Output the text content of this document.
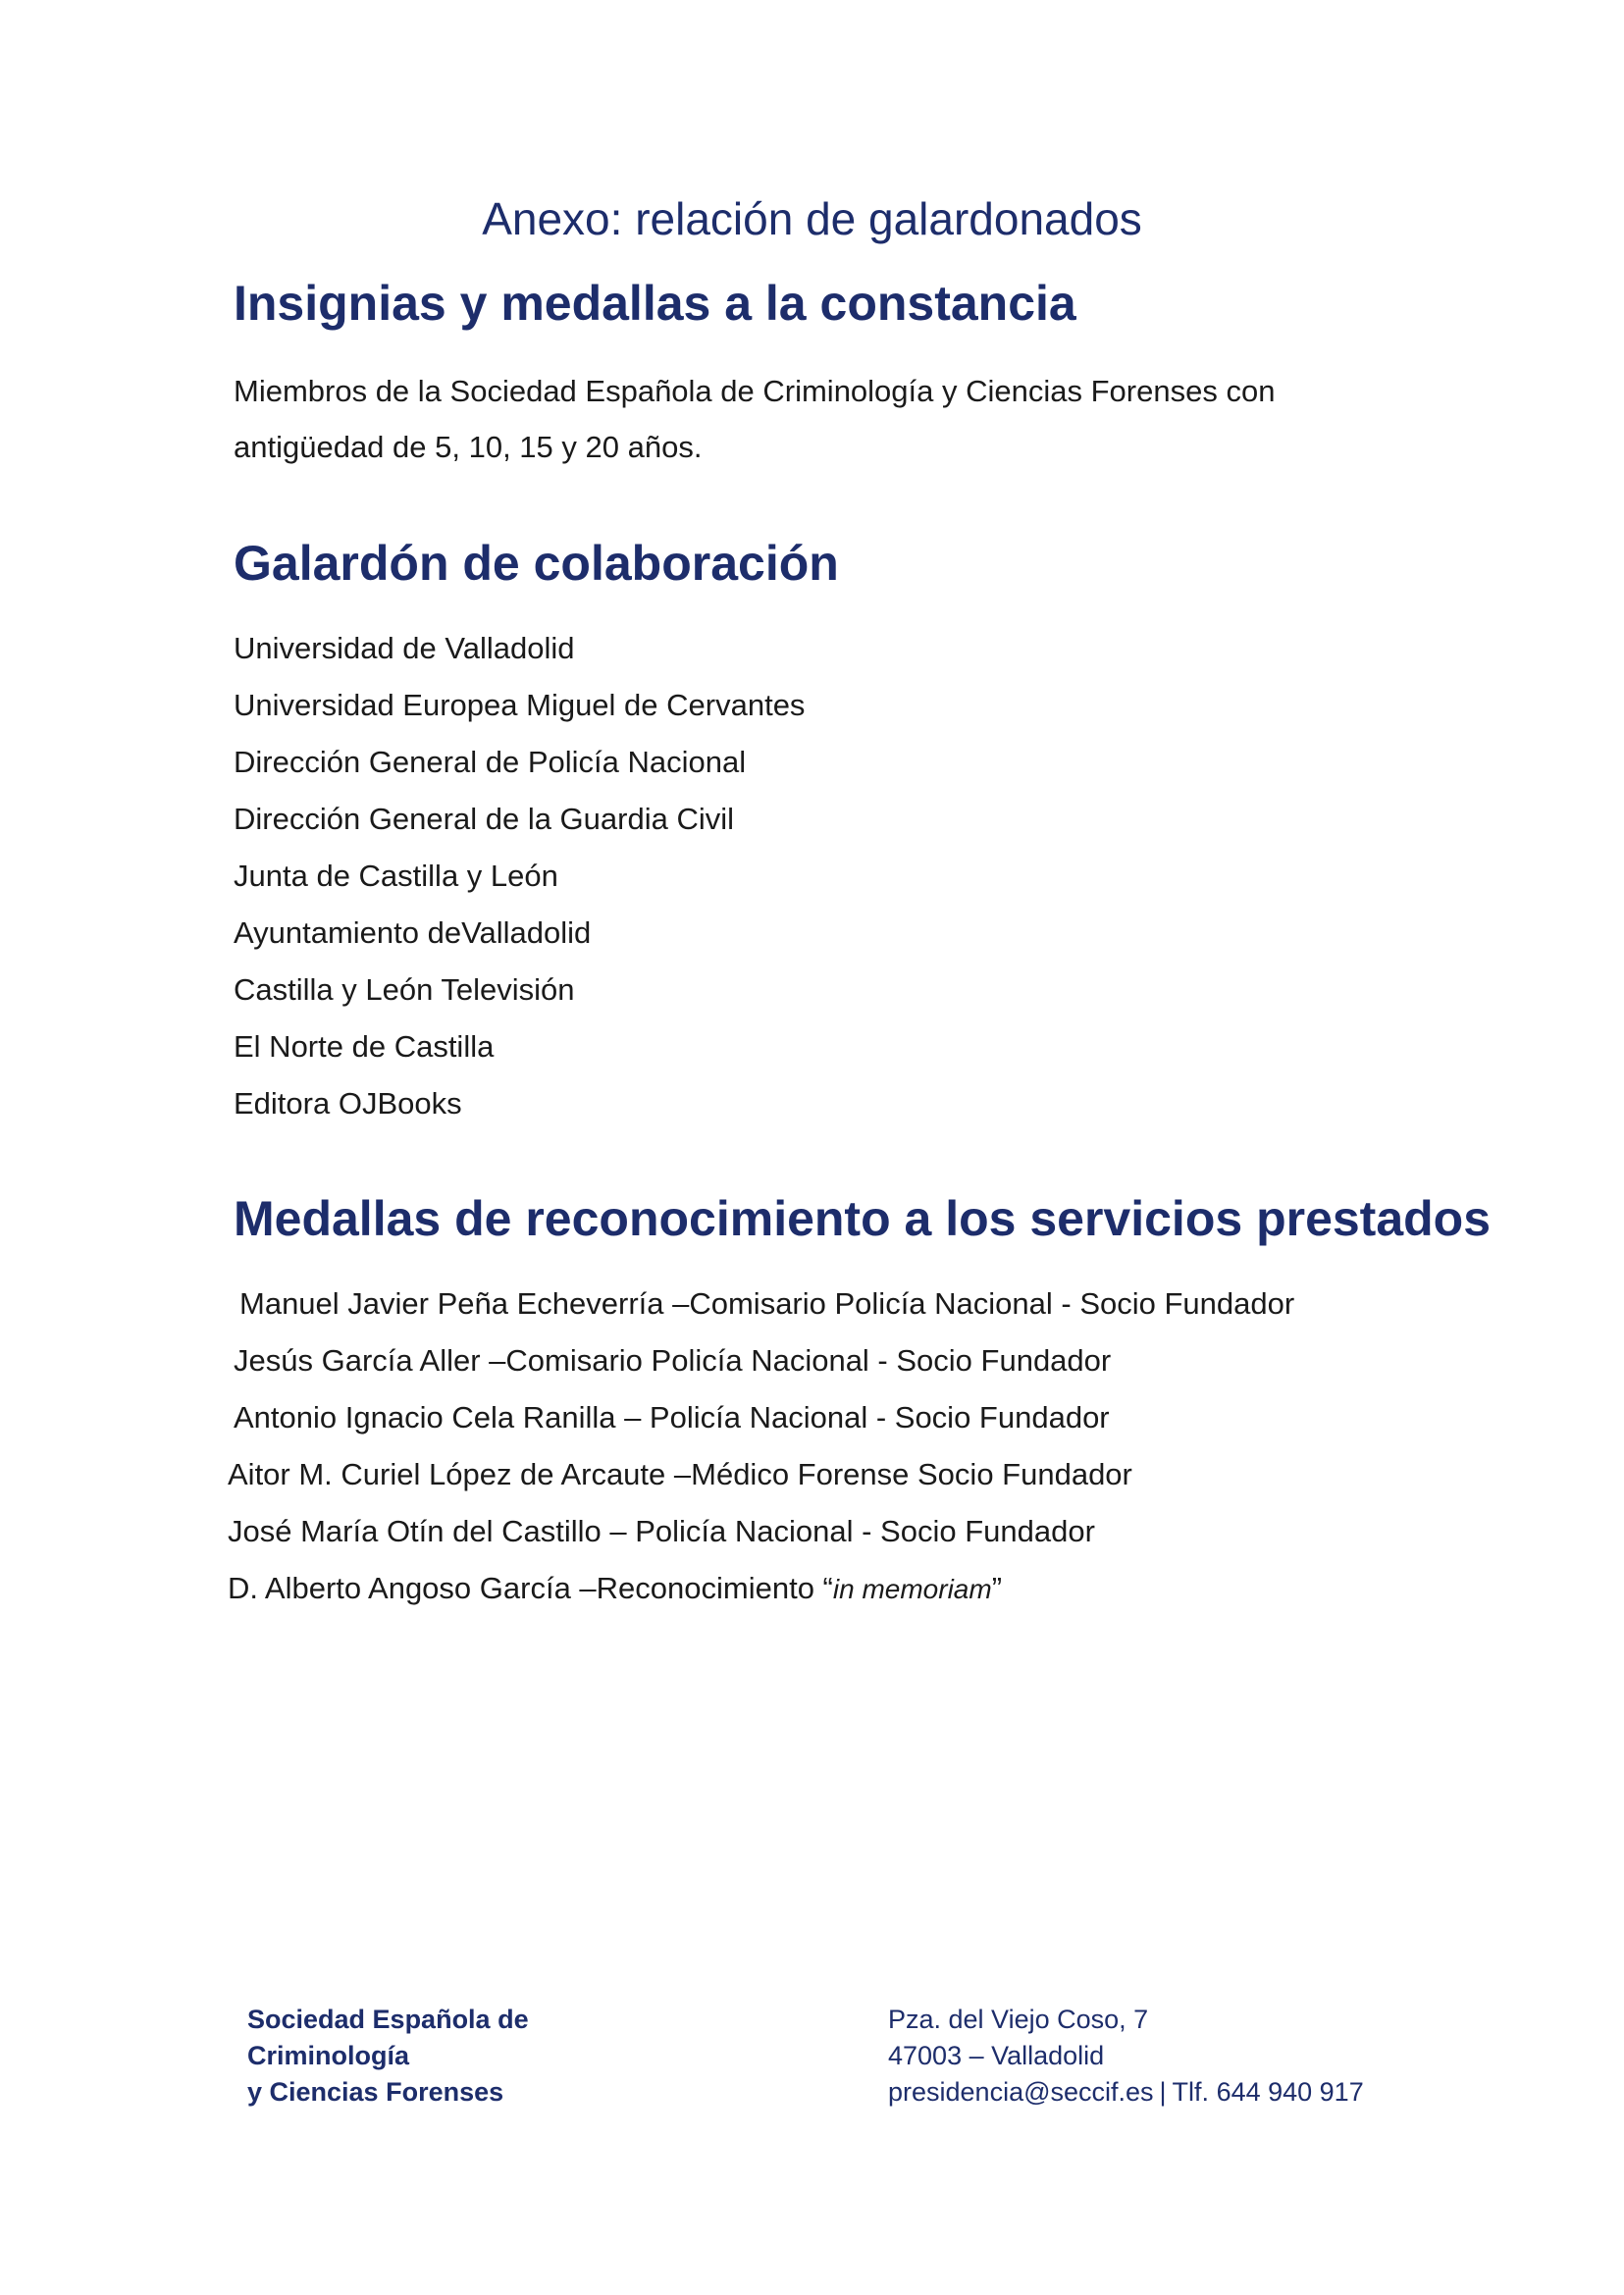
Anexo: relación de galardonados
Insignias y medallas a la constancia

Miembros de la Sociedad Española de Criminología y Ciencias Forenses con

antigüedad de 5, 10, 15 y 20 años.

Galardón de colaboración
Universidad de Valladolid
Universidad Europea Miguel de Cervantes
Dirección General de Policía Nacional
Dirección General de la Guardia Civil
Junta de Castilla y León
Ayuntamiento deValladolid
Castilla y León Televisión
El Norte de Castilla
Editora OJBooks
Medallas de reconocimiento a los servicios prestados
Manuel Javier Peña Echeverría –Comisario Policía Nacional - Socio Fundador
Jesús García Aller –Comisario Policía Nacional - Socio Fundador
Antonio Ignacio Cela Ranilla – Policía Nacional - Socio Fundador
Aitor M. Curiel López de Arcaute –Médico Forense Socio Fundador
José María Otín del Castillo – Policía Nacional - Socio Fundador
D. Alberto Angoso García –Reconocimiento “in memoriam”
Sociedad Española de
Criminología
y Ciencias Forenses
Pza. del Viejo Coso, 7
47003 – Valladolid
presidencia@seccif.es | Tlf. 644 940 917
